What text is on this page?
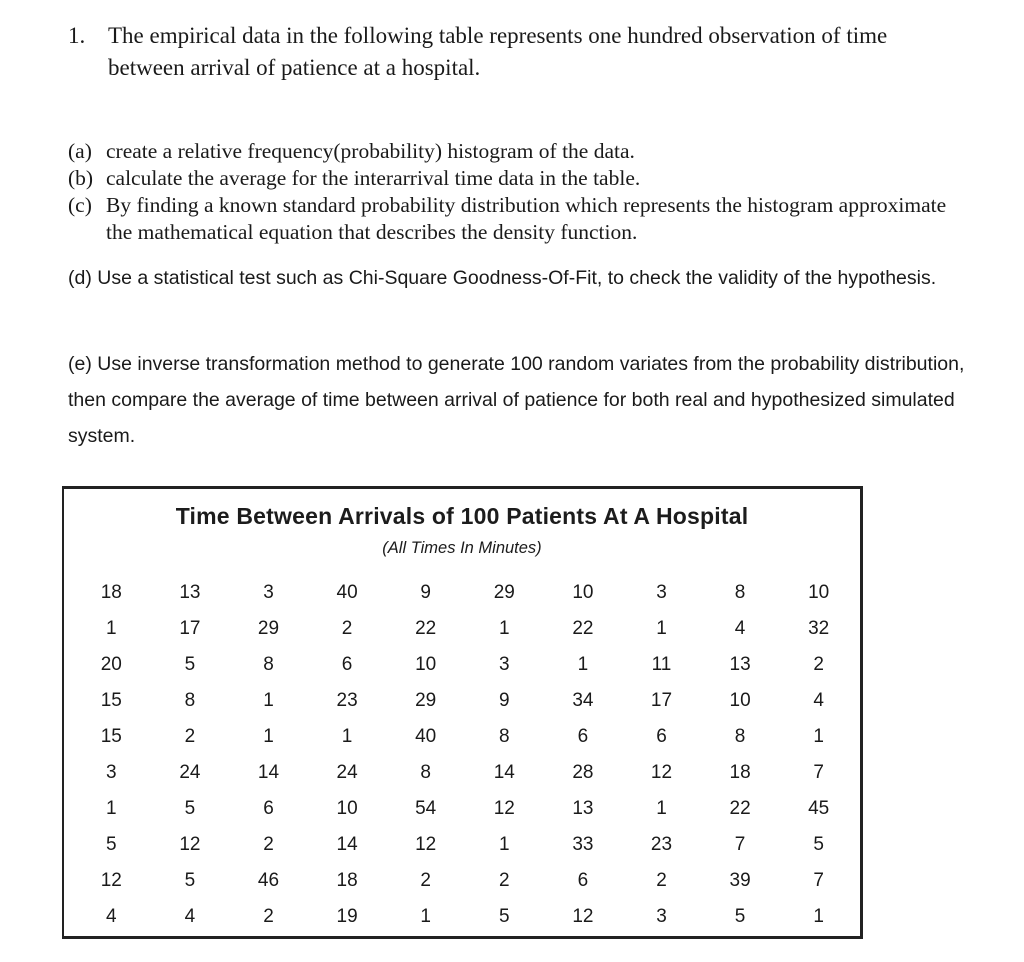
1. The empirical data in the following table represents one hundred observation of time between arrival of patience at a hospital.
(a) create a relative frequency(probability) histogram of the data.
(b) calculate the average for the interarrival time data in the table.
(c) By finding a known standard probability distribution which represents the histogram approximate the mathematical equation that describes the density function.
(d) Use a statistical test such as Chi-Square Goodness-Of-Fit, to check the validity of the hypothesis.
(e) Use inverse transformation method to generate 100 random variates from the probability distribution, then compare the average of time between arrival of patience for both real and hypothesized simulated system.
Time Between Arrivals of 100 Patients At A Hospital
(All Times In Minutes)
18	13	3	40	9	29	10	3	8	10
1	17	29	2	22	1	22	1	4	32
20	5	8	6	10	3	1	11	13	2
15	8	1	23	29	9	34	17	10	4
15	2	1	1	40	8	6	6	8	1
3	24	14	24	8	14	28	12	18	7
1	5	6	10	54	12	13	1	22	45
5	12	2	14	12	1	33	23	7	5
12	5	46	18	2	2	6	2	39	7
4	4	2	19	1	5	12	3	5	1
